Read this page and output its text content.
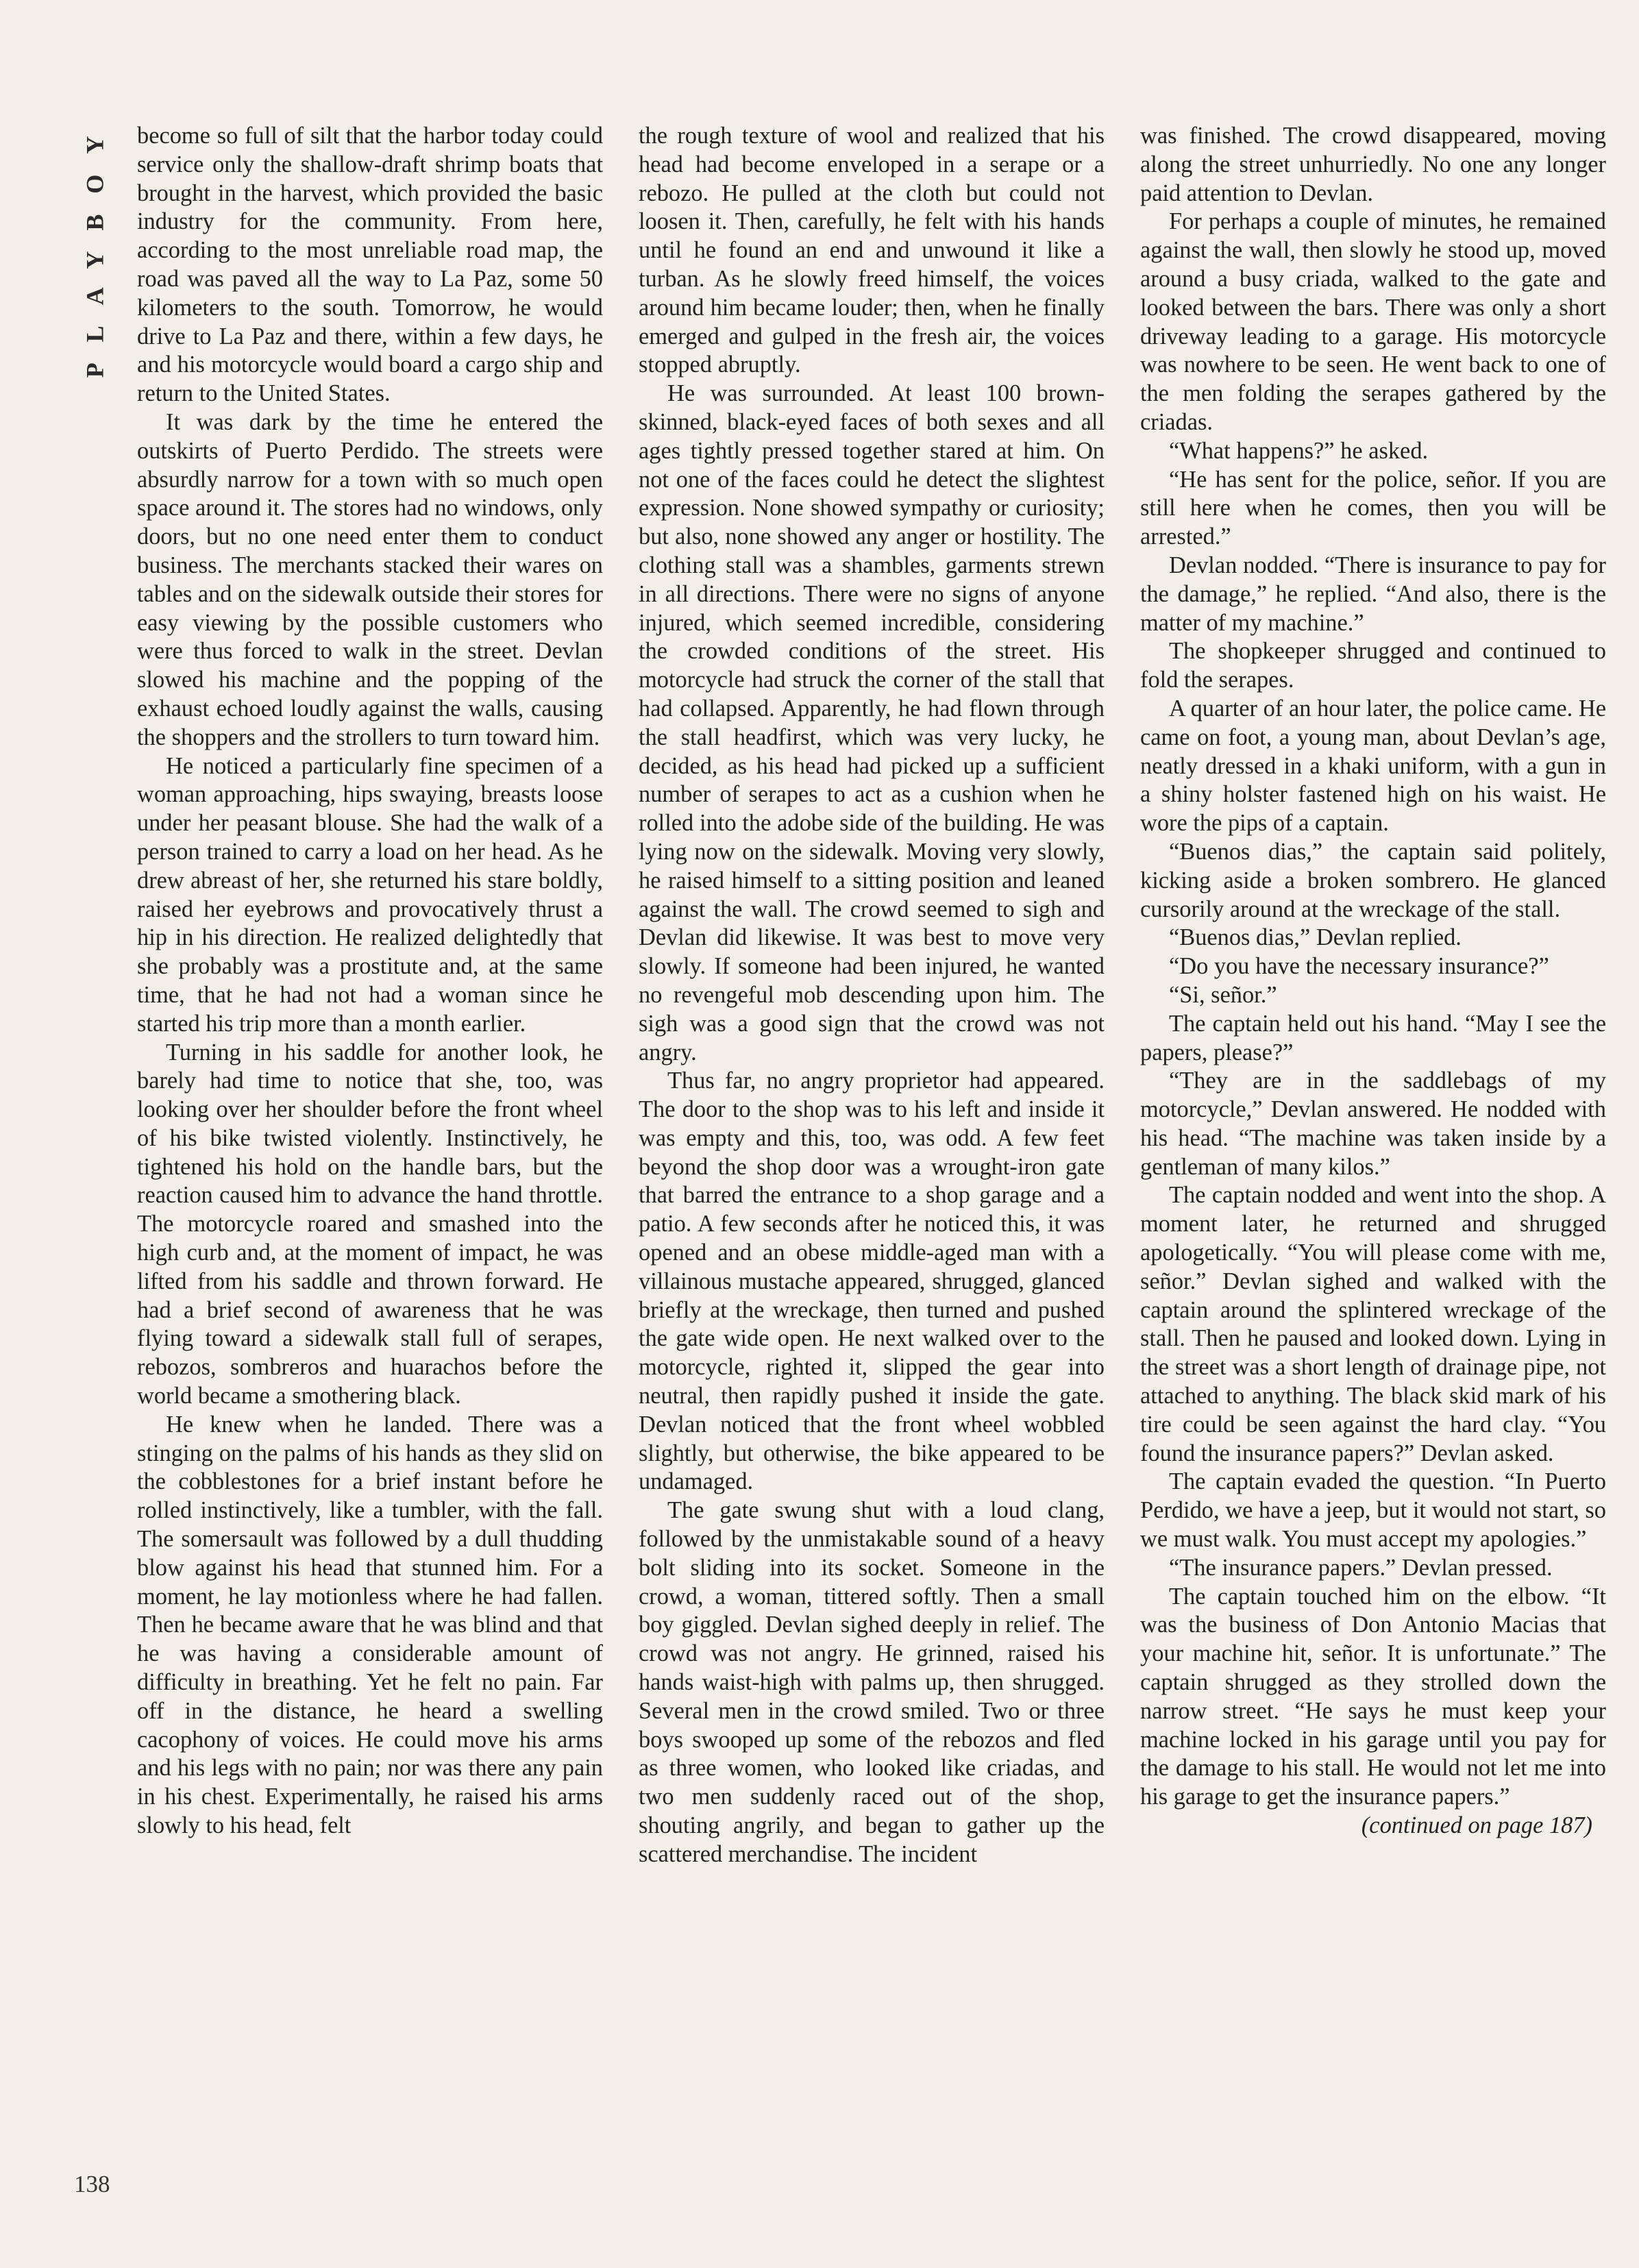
PLAYBOY
138

become so full of silt that the harbor today could service only the shallow-draft shrimp boats that brought in the harvest, which provided the basic industry for the community. From here, according to the most unreliable road map, the road was paved all the way to La Paz, some 50 kilometers to the south. Tomorrow, he would drive to La Paz and there, within a few days, he and his motorcycle would board a cargo ship and return to the United States.

It was dark by the time he entered the outskirts of Puerto Perdido. The streets were absurdly narrow for a town with so much open space around it. The stores had no windows, only doors, but no one need enter them to conduct business. The merchants stacked their wares on tables and on the sidewalk outside their stores for easy viewing by the possible customers who were thus forced to walk in the street. Devlan slowed his machine and the popping of the exhaust echoed loudly against the walls, causing the shoppers and the strollers to turn toward him.

He noticed a particularly fine specimen of a woman approaching, hips swaying, breasts loose under her peasant blouse. She had the walk of a person trained to carry a load on her head. As he drew abreast of her, she returned his stare boldly, raised her eyebrows and provocatively thrust a hip in his direction. He realized delightedly that she probably was a prostitute and, at the same time, that he had not had a woman since he started his trip more than a month earlier.

Turning in his saddle for another look, he barely had time to notice that she, too, was looking over her shoulder before the front wheel of his bike twisted violently. Instinctively, he tightened his hold on the handle bars, but the reaction caused him to advance the hand throttle. The motorcycle roared and smashed into the high curb and, at the moment of impact, he was lifted from his saddle and thrown forward. He had a brief second of awareness that he was flying toward a sidewalk stall full of serapes, rebozos, sombreros and huarachos before the world became a smothering black.

He knew when he landed. There was a stinging on the palms of his hands as they slid on the cobblestones for a brief instant before he rolled instinctively, like a tumbler, with the fall. The somersault was followed by a dull thudding blow against his head that stunned him. For a moment, he lay motionless where he had fallen. Then he became aware that he was blind and that he was having a considerable amount of difficulty in breathing. Yet he felt no pain. Far off in the distance, he heard a swelling cacophony of voices. He could move his arms and his legs with no pain; nor was there any pain in his chest. Experimentally, he raised his arms slowly to his head, felt

the rough texture of wool and realized that his head had become enveloped in a serape or a rebozo. He pulled at the cloth but could not loosen it. Then, carefully, he felt with his hands until he found an end and unwound it like a turban. As he slowly freed himself, the voices around him became louder; then, when he finally emerged and gulped in the fresh air, the voices stopped abruptly.

He was surrounded. At least 100 brown-skinned, black-eyed faces of both sexes and all ages tightly pressed together stared at him. On not one of the faces could he detect the slightest expression. None showed sympathy or curiosity; but also, none showed any anger or hostility. The clothing stall was a shambles, garments strewn in all directions. There were no signs of anyone injured, which seemed incredible, considering the crowded conditions of the street. His motorcycle had struck the corner of the stall that had collapsed. Apparently, he had flown through the stall headfirst, which was very lucky, he decided, as his head had picked up a sufficient number of serapes to act as a cushion when he rolled into the adobe side of the building. He was lying now on the sidewalk. Moving very slowly, he raised himself to a sitting position and leaned against the wall. The crowd seemed to sigh and Devlan did likewise. It was best to move very slowly. If someone had been injured, he wanted no revengeful mob descending upon him. The sigh was a good sign that the crowd was not angry.

Thus far, no angry proprietor had appeared. The door to the shop was to his left and inside it was empty and this, too, was odd. A few feet beyond the shop door was a wrought-iron gate that barred the entrance to a shop garage and a patio. A few seconds after he noticed this, it was opened and an obese middle-aged man with a villainous mustache appeared, shrugged, glanced briefly at the wreckage, then turned and pushed the gate wide open. He next walked over to the motorcycle, righted it, slipped the gear into neutral, then rapidly pushed it inside the gate. Devlan noticed that the front wheel wobbled slightly, but otherwise, the bike appeared to be undamaged.

The gate swung shut with a loud clang, followed by the unmistakable sound of a heavy bolt sliding into its socket. Someone in the crowd, a woman, tittered softly. Then a small boy giggled. Devlan sighed deeply in relief. The crowd was not angry. He grinned, raised his hands waist-high with palms up, then shrugged. Several men in the crowd smiled. Two or three boys swooped up some of the rebozos and fled as three women, who looked like criadas, and two men suddenly raced out of the shop, shouting angrily, and began to gather up the scattered merchandise. The incident

was finished. The crowd disappeared, moving along the street unhurriedly. No one any longer paid attention to Devlan.

For perhaps a couple of minutes, he remained against the wall, then slowly he stood up, moved around a busy criada, walked to the gate and looked between the bars. There was only a short driveway leading to a garage. His motorcycle was nowhere to be seen. He went back to one of the men folding the serapes gathered by the criadas.

“What happens?” he asked.

“He has sent for the police, señor. If you are still here when he comes, then you will be arrested.”

Devlan nodded. “There is insurance to pay for the damage,” he replied. “And also, there is the matter of my machine.”

The shopkeeper shrugged and continued to fold the serapes.

A quarter of an hour later, the police came. He came on foot, a young man, about Devlan’s age, neatly dressed in a khaki uniform, with a gun in a shiny holster fastened high on his waist. He wore the pips of a captain.

“Buenos dias,” the captain said politely, kicking aside a broken sombrero. He glanced cursorily around at the wreckage of the stall.

“Buenos dias,” Devlan replied.

“Do you have the necessary insurance?”

“Si, señor.”

The captain held out his hand. “May I see the papers, please?”

“They are in the saddlebags of my motorcycle,” Devlan answered. He nodded with his head. “The machine was taken inside by a gentleman of many kilos.”

The captain nodded and went into the shop. A moment later, he returned and shrugged apologetically. “You will please come with me, señor.” Devlan sighed and walked with the captain around the splintered wreckage of the stall. Then he paused and looked down. Lying in the street was a short length of drainage pipe, not attached to anything. The black skid mark of his tire could be seen against the hard clay. “You found the insurance papers?” Devlan asked.

The captain evaded the question. “In Puerto Perdido, we have a jeep, but it would not start, so we must walk. You must accept my apologies.”

“The insurance papers.” Devlan pressed.

The captain touched him on the elbow. “It was the business of Don Antonio Macias that your machine hit, señor. It is unfortunate.” The captain shrugged as they strolled down the narrow street. “He says he must keep your machine locked in his garage until you pay for the damage to his stall. He would not let me into his garage to get the insurance papers.”

(continued on page 187)
